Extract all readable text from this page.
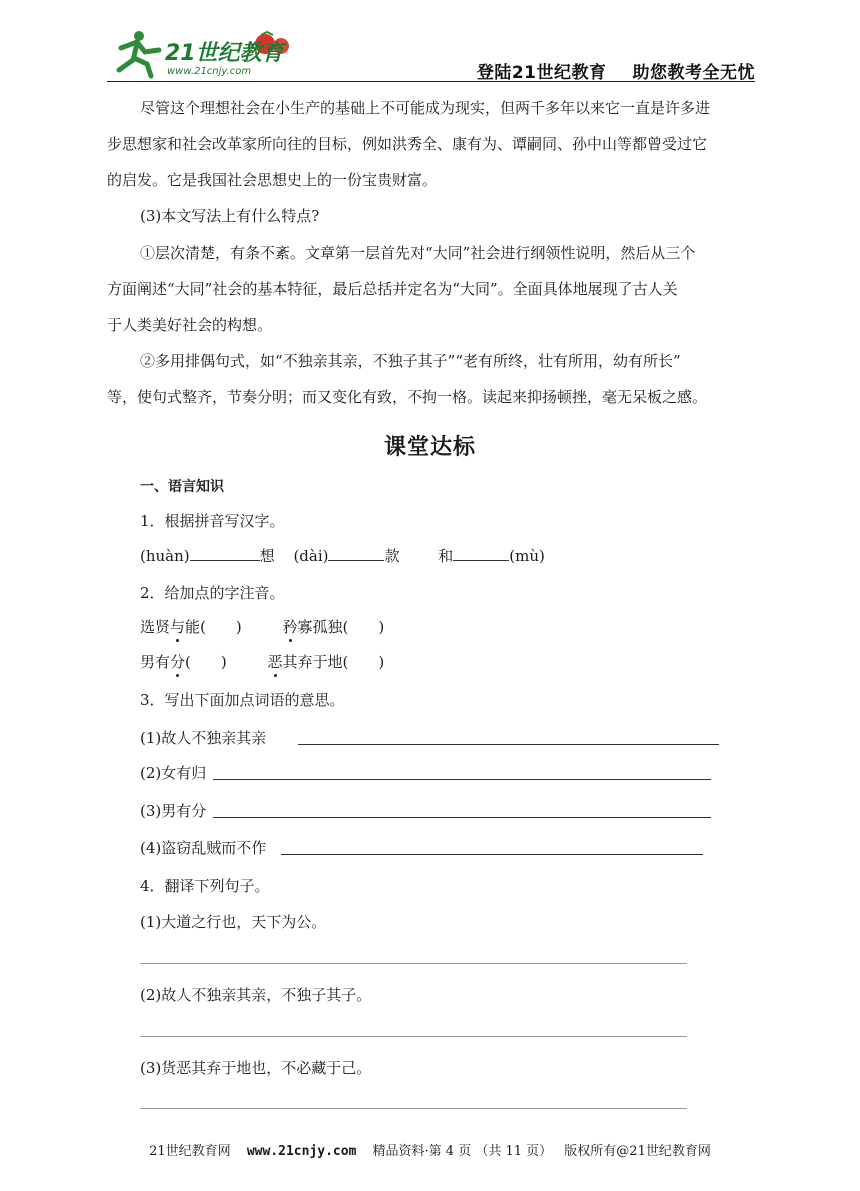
21世纪教育
www.21cnjy.com	登陆21世纪教育 助您教考全无忧
尽管这个理想社会在小生产的基础上不可能成为现实，但两千多年以来它一直是许多进
步思想家和社会改革家所向往的目标，例如洪秀全、康有为、谭嗣同、孙中山等都曾受过它
的启发。它是我国社会思想史上的一份宝贵财富。
(3)本文写法上有什么特点?
①层次清楚，有条不紊。文章第一层首先对“大同”社会进行纲领性说明，然后从三个
方面阐述“大同”社会的基本特征，最后总括并定名为“大同”。全面具体地展现了古人关
于人类美好社会的构想。
②多用排偶句式，如“不独亲其亲，不独子其子”“老有所终，壮有所用，幼有所长”
等，使句式整齐，节奏分明；而又变化有致，不拘一格。读起来抑扬顿挫，毫无呆板之感。
课堂达标
一、语言知识
1．根据拼音写汉字。
(huàn)	想 (dài)	款	和	(mù)
2．给加点的字注音。
选贤与能( )	矜寡孤独( )
男有分( )	恶其弃于地( )
3．写出下面加点词语的意思。
(1)故人不独亲其亲
(2)女有归
(3)男有分
(4)盗窃乱贼而不作
4．翻译下列句子。
(1)大道之行也，天下为公。
(2)故人不独亲其亲，不独子其子。
(3)货恶其弃于地也，不必藏于己。
21世纪教育网 www.21cnjy.com 精品资料·第 4 页 （共 11 页） 版权所有@21世纪教育网
